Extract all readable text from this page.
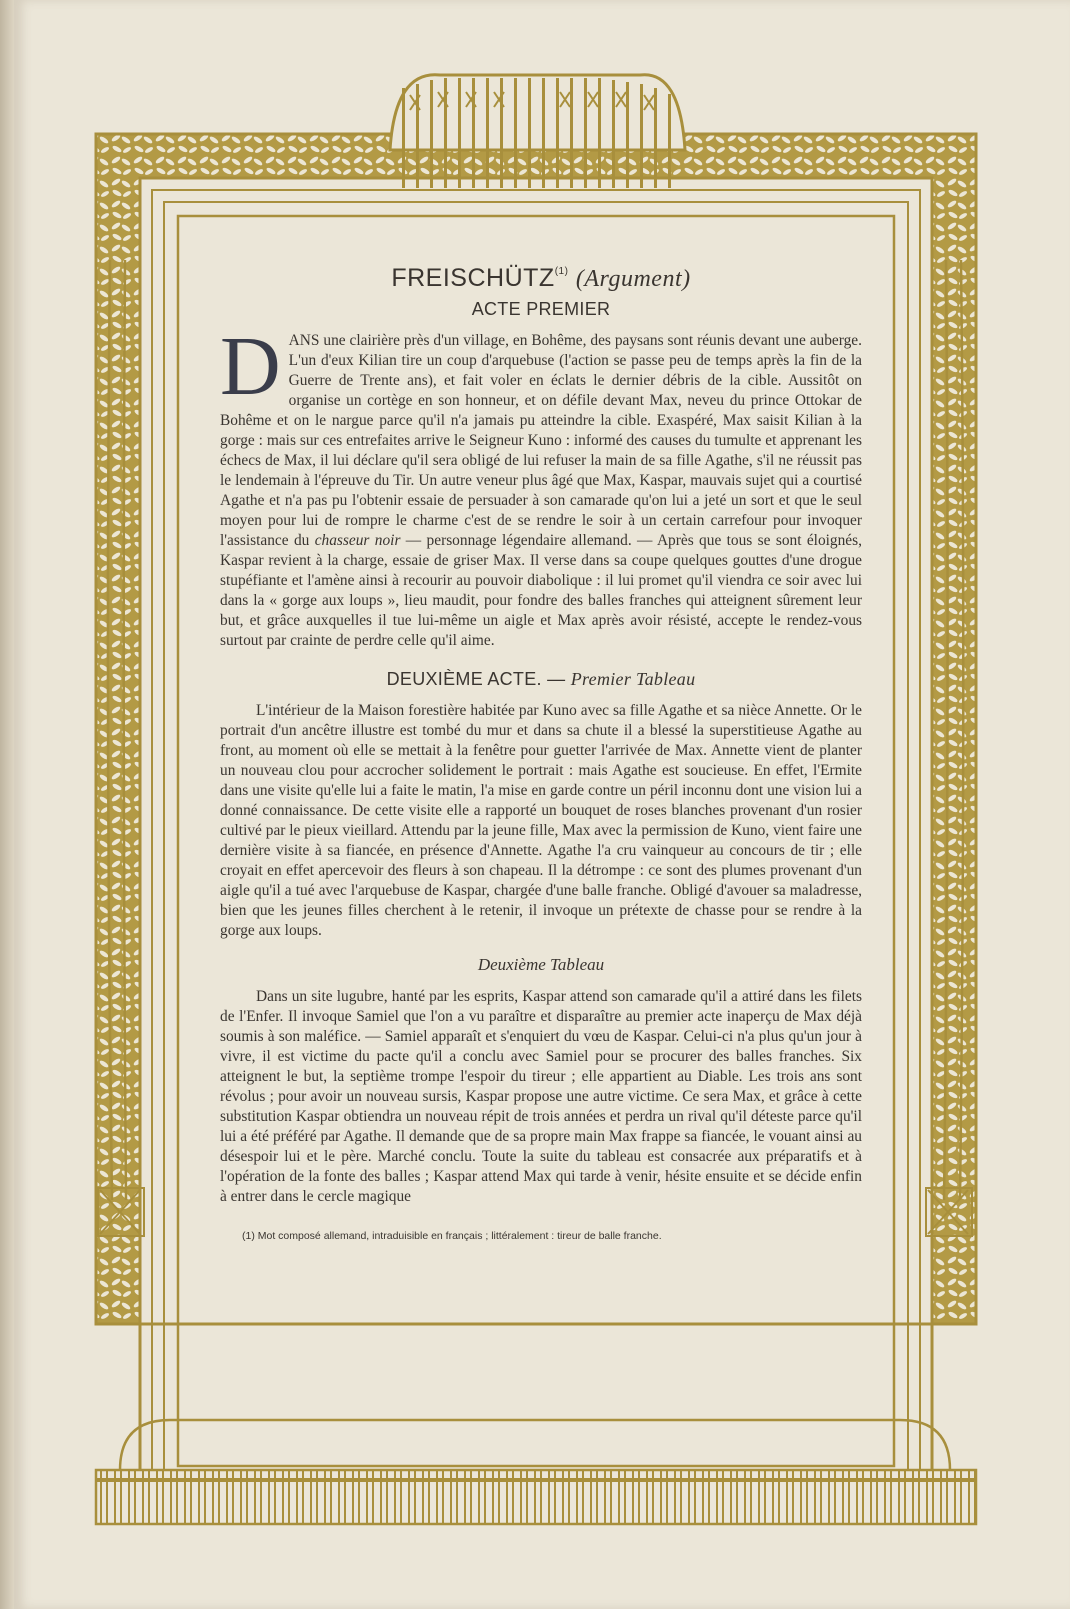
FREISCHÜTZ$^{(1)}$ (Argument)
ACTE PREMIER

DANS une clairière près d'un village, en Bohême, des paysans sont réunis devant une auberge. L'un d'eux Kilian tire un coup d'arquebuse (l'action se passe peu de temps après la fin de la Guerre de Trente ans), et fait voler en éclats le dernier débris de la cible. Aussitôt on organise un cortège en son honneur, et on défile devant Max, neveu du prince Ottokar de Bohême et on le nargue parce qu'il n'a jamais pu atteindre la cible. Exaspéré, Max saisit Kilian à la gorge : mais sur ces entrefaites arrive le Seigneur Kuno : informé des causes du tumulte et apprenant les échecs de Max, il lui déclare qu'il sera obligé de lui refuser la main de sa fille Agathe, s'il ne réussit pas le lendemain à l'épreuve du Tir. Un autre veneur plus âgé que Max, Kaspar, mauvais sujet qui a courtisé Agathe et n'a pas pu l'obtenir essaie de persuader à son camarade qu'on lui a jeté un sort et que le seul moyen pour lui de rompre le charme c'est de se rendre le soir à un certain carrefour pour invoquer l'assistance du chasseur noir — personnage légendaire allemand. — Après que tous se sont éloignés, Kaspar revient à la charge, essaie de griser Max. Il verse dans sa coupe quelques gouttes d'une drogue stupéfiante et l'amène ainsi à recourir au pouvoir diabolique : il lui promet qu'il viendra ce soir avec lui dans la « gorge aux loups », lieu maudit, pour fondre des balles franches qui atteignent sûrement leur but, et grâce auxquelles il tue lui-même un aigle et Max après avoir résisté, accepte le rendez-vous surtout par crainte de perdre celle qu'il aime.

DEUXIÈME ACTE. — Premier Tableau

L'intérieur de la Maison forestière habitée par Kuno avec sa fille Agathe et sa nièce Annette. Or le portrait d'un ancêtre illustre est tombé du mur et dans sa chute il a blessé la superstitieuse Agathe au front, au moment où elle se mettait à la fenêtre pour guetter l'arrivée de Max. Annette vient de planter un nouveau clou pour accrocher solidement le portrait : mais Agathe est soucieuse. En effet, l'Ermite dans une visite qu'elle lui a faite le matin, l'a mise en garde contre un péril inconnu dont une vision lui a donné connaissance. De cette visite elle a rapporté un bouquet de roses blanches provenant d'un rosier cultivé par le pieux vieillard. Attendu par la jeune fille, Max avec la permission de Kuno, vient faire une dernière visite à sa fiancée, en présence d'Annette. Agathe l'a cru vainqueur au concours de tir ; elle croyait en effet apercevoir des fleurs à son chapeau. Il la détrompe : ce sont des plumes provenant d'un aigle qu'il a tué avec l'arquebuse de Kaspar, chargée d'une balle franche. Obligé d'avouer sa maladresse, bien que les jeunes filles cherchent à le retenir, il invoque un prétexte de chasse pour se rendre à la gorge aux loups.

Deuxième Tableau

Dans un site lugubre, hanté par les esprits, Kaspar attend son camarade qu'il a attiré dans les filets de l'Enfer. Il invoque Samiel que l'on a vu paraître et disparaître au premier acte inaperçu de Max déjà soumis à son maléfice. — Samiel apparaît et s'enquiert du vœu de Kaspar. Celui-ci n'a plus qu'un jour à vivre, il est victime du pacte qu'il a conclu avec Samiel pour se procurer des balles franches. Six atteignent le but, la septième trompe l'espoir du tireur ; elle appartient au Diable. Les trois ans sont révolus ; pour avoir un nouveau sursis, Kaspar propose une autre victime. Ce sera Max, et grâce à cette substitution Kaspar obtiendra un nouveau répit de trois années et perdra un rival qu'il déteste parce qu'il lui a été préféré par Agathe. Il demande que de sa propre main Max frappe sa fiancée, le vouant ainsi au désespoir lui et le père. Marché conclu. Toute la suite du tableau est consacrée aux préparatifs et à l'opération de la fonte des balles ; Kaspar attend Max qui tarde à venir, hésite ensuite et se décide enfin à entrer dans le cercle magique

(1) Mot composé allemand, intraduisible en français ; littéralement : tireur de balle franche.
